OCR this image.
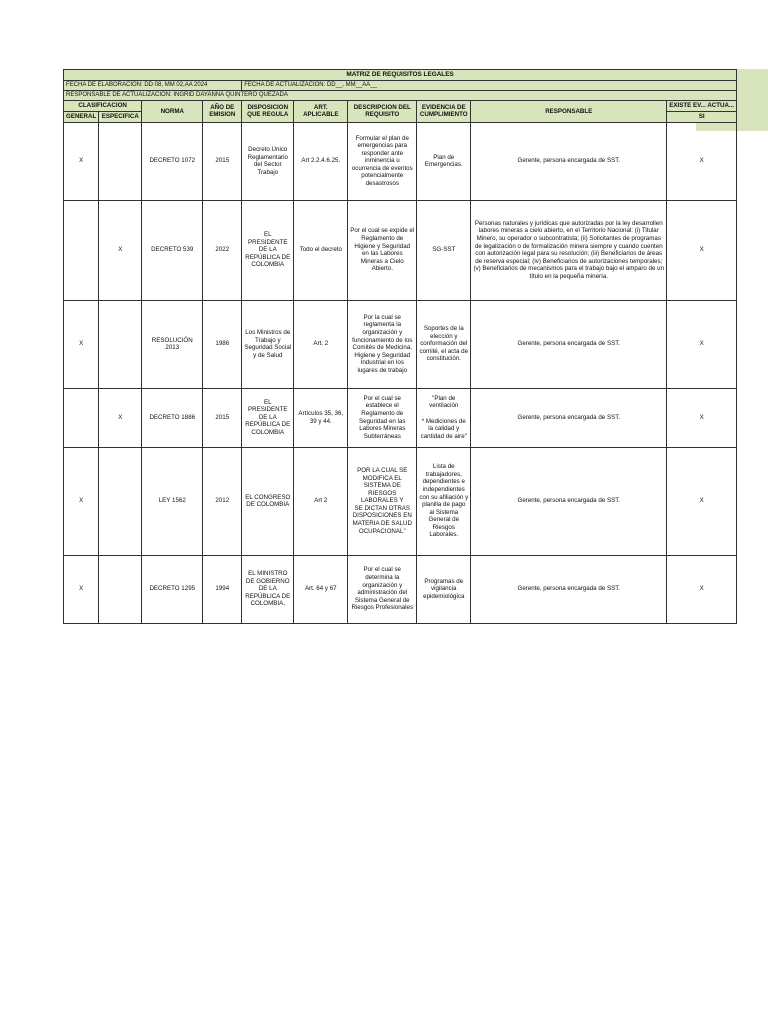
MATRIZ DE REQUISITOS LEGALES									
FECHA DE ELABORACION: DD 08, MM 02,AA 2024				FECHA DE ACTUALIZACION: DD__, MM__AA__					
RESPONSABLE DE ACTUALIZACION: INGRID DAYANNA QUINTERO QUEZADA									
CLASIFICACION		NORMA	AÑO DE EMISION	DISPOSICION QUE REGULA	ART. APLICABLE	DESCRIPCION DEL REQUISITO	EVIDENCIA DE CUMPLIMIENTO	RESPONSABLE	EXISTE EV... ACTUA...
GENERAL	ESPECIFICA								SI
X		DECRETO 1072	2015	Decreto Unico Reglamentario del Sector Trabajo	Art 2.2.4.6.25.	Formular el plan de emergencias para responder ante inminencia u ocurrencia de eventos potencialmente desastrosos	Plan de Emergencias.	Gerente, persona encargada de SST.	X
	X	DECRETO 539	2022	EL PRESIDENTE DE LA REPÚBLICA DE COLOMBIA	Todo el decreto	Por el cual se expide el Reglamento de Higiene y Seguridad en las Labores Mineras a Cielo Abierto.	SG-SST	Personas naturales y jurídicas que autorizadas por la ley desarrollen labores mineras a cielo abierto, en el Territorio Nacional: (i) Titular Minero, su operador o subcontratista; (ii) Solicitantes de programas de legalización o de formalización minera siempre y cuando cuenten con autorización legal para su resolución; (iii) Beneficiarios de áreas de reserva especial; (iv) Beneficiarios de autorizaciones temporales; (v) Beneficiarios de mecanismos para el trabajo bajo el amparo de un título en la pequeña minería.	X
X		RESOLUCIÓN 2013	1986	Los Ministros de Trabajo y Seguridad Social y de Salud	Art. 2	Por la cual se reglamenta la organización y funcionamiento de los Comités de Medicina, Higiene y Seguridad Industrial en los lugares de trabajo	Soportes de la elección y conformación del comité, el acta de constitución.	Gerente, persona encargada de SST.	X
	X	DECRETO 1886	2015	EL PRESIDENTE DE LA REPÚBLICA DE COLOMBIA	Artículos 35, 36, 39 y 44.	Por el cual se establece el Reglamento de Seguridad en las Labores Mineras Subterráneas	"Plan de ventilación
* Mediciones de la calidad y cantidad de aire"	Gerente, persona encargada de SST.	X
X		LEY 1562	2012	EL CONGRESO DE COLOMBIA	Art 2	POR LA CUAL SE MODIFICA EL SISTEMA DE RIESGOS LABORALES Y
SE DICTAN OTRAS DISPOSICIONES EN MATERIA DE SALUD OCUPACIONAL"	Lista de trabajadores, dependientes e independientes con su afiliación y planilla de pago al Sistema General de Riesgos Laborales.	Gerente, persona encargada de SST.	X
X		DECRETO 1295	1994	EL MINISTRO DE GOBIERNO DE LA REPÚBLICA DE COLOMBIA,	Art. 64 y 67	Por el cual se determina la organización y administración del Sistema General de Riesgos Profesionales	Programas de vigilancia epidemiológica	Gerente, persona encargada de SST.	X
